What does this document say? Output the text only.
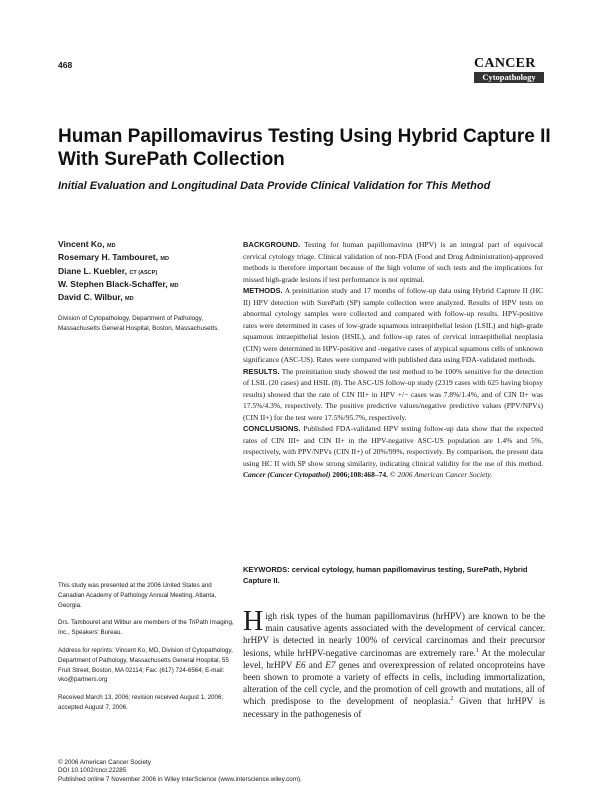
468	CANCER
Cytopathology
Human Papillomavirus Testing Using Hybrid Capture II With SurePath Collection
Initial Evaluation and Longitudinal Data Provide Clinical Validation for This Method
Vincent Ko, MD
Rosemary H. Tambouret, MD
Diane L. Kuebler, CT (ASCP)
W. Stephen Black-Schaffer, MD
David C. Wilbur, MD
Division of Cytopathology, Department of Pathology, Massachusetts General Hospital, Boston, Massachusetts.

This study was presented at the 2006 United States and Canadian Academy of Pathology Annual Meeting, Atlanta, Georgia.

Drs. Tambouret and Wilbur are members of the TriPath Imaging, Inc., Speakers' Bureau.

Address for reprints: Vincent Ko, MD, Division of Cytopathology, Department of Pathology, Massachusetts General Hospital, 55 Fruit Street, Boston, MA 02114; Fax: (617) 724-6564; E-mail: vko@partners.org

Received March 13, 2006; revision received August 1, 2006; accepted August 7, 2006.

BACKGROUND. Testing for human papillomavirus (HPV) is an integral part of equivocal cervical cytology triage. Clinical validation of non-FDA (Food and Drug Administration)-approved methods is therefore important because of the high volume of such tests and the implications for missed high-grade lesions if test performance is not optimal.

METHODS. A preinitiation study and 17 months of follow-up data using Hybrid Capture II (HC II) HPV detection with SurePath (SP) sample collection were analyzed. Results of HPV tests on abnormal cytology samples were collected and compared with follow-up results. HPV-positive rates were determined in cases of low-grade squamous intraepithelial lesion (LSIL) and high-grade squamous intraepithelial lesion (HSIL), and follow-up rates of cervical intraepithelial neoplasia (CIN) were determined in HPV-positive and -negative cases of atypical squamous cells of unknown significance (ASC-US). Rates were compared with published data using FDA-validated methods.

RESULTS. The preinitiation study showed the test method to be 100% sensitive for the detection of LSIL (20 cases) and HSIL (8). The ASC-US follow-up study (2319 cases with 625 having biopsy results) showed that the rate of CIN III+ in HPV +/− cases was 7.8%/1.4%, and of CIN II+ was 17.5%/4.3%, respectively. The positive predictive values/negative predictive values (PPV/NPVs) (CIN II+) for the test were 17.5%/95.7%, respectively.

CONCLUSIONS. Published FDA-validated HPV testing follow-up data show that the expected rates of CIN III+ and CIN II+ in the HPV-negative ASC-US population are 1.4% and 5%, respectively, with PPV/NPVs (CIN II+) of 20%/99%, respectively. By comparison, the present data using HC II with SP show strong similarity, indicating clinical validity for the use of this method. Cancer (Cancer Cytopathol) 2006;108:468–74. © 2006 American Cancer Society.

KEYWORDS: cervical cytology, human papillomavirus testing, SurePath, Hybrid Capture II.

High risk types of the human papillomavirus (hrHPV) are known to be the main causative agents associated with the development of cervical cancer. hrHPV is detected in nearly 100% of cervical carcinomas and their precursor lesions, while hrHPV-negative carcinomas are extremely rare.$^1$ At the molecular level, hrHPV E6 and E7 genes and overexpression of related oncoproteins have been shown to promote a variety of effects in cells, including immortalization, alteration of the cell cycle, and the promotion of cell growth and mutations, all of which predispose to the development of neoplasia.$^2$ Given that hrHPV is necessary in the pathogenesis of

© 2006 American Cancer Society
DOI 10.1002/cncr.22285
Published online 7 November 2006 in Wiley InterScience (www.interscience.wiley.com).
